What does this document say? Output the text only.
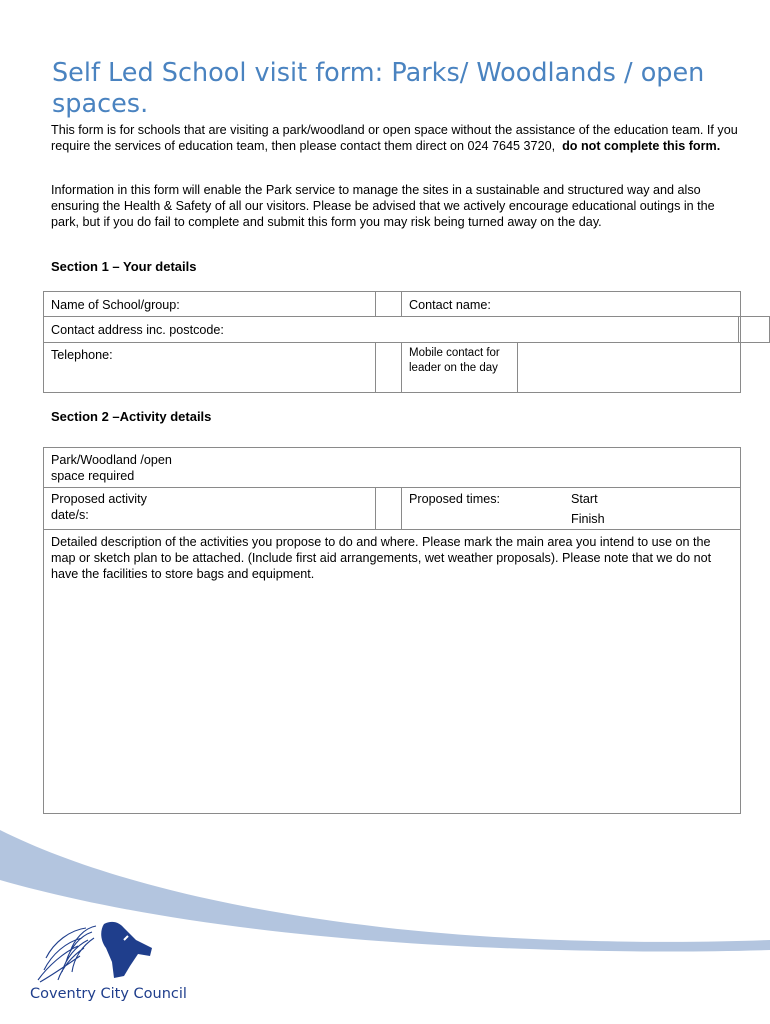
Self Led School visit form: Parks/ Woodlands / open spaces.

This form is for schools that are visiting a park/woodland or open space without the assistance of the education team. If you require the services of education team, then please contact them direct on 024 7645 3720, do not complete this form.

Information in this form will enable the Park service to manage the sites in a sustainable and structured way and also ensuring the Health & Safety of all our visitors. Please be advised that we actively encourage educational outings in the park, but if you do fail to complete and submit this form you may risk being turned away on the day.

Section 1 – Your details

Name of School/group:	Contact name:
Contact address inc. postcode:
Telephone:	Mobile contact for leader on the day

Section 2 –Activity details

Park/Woodland /open space required
Proposed activity date/s:
Proposed times:	Start
Finish
Detailed description of the activities you propose to do and where. Please mark the main area you intend to use on the map or sketch plan to be attached. (Include first aid arrangements, wet weather proposals). Please note that we do not have the facilities to store bags and equipment.
Coventry City Council
